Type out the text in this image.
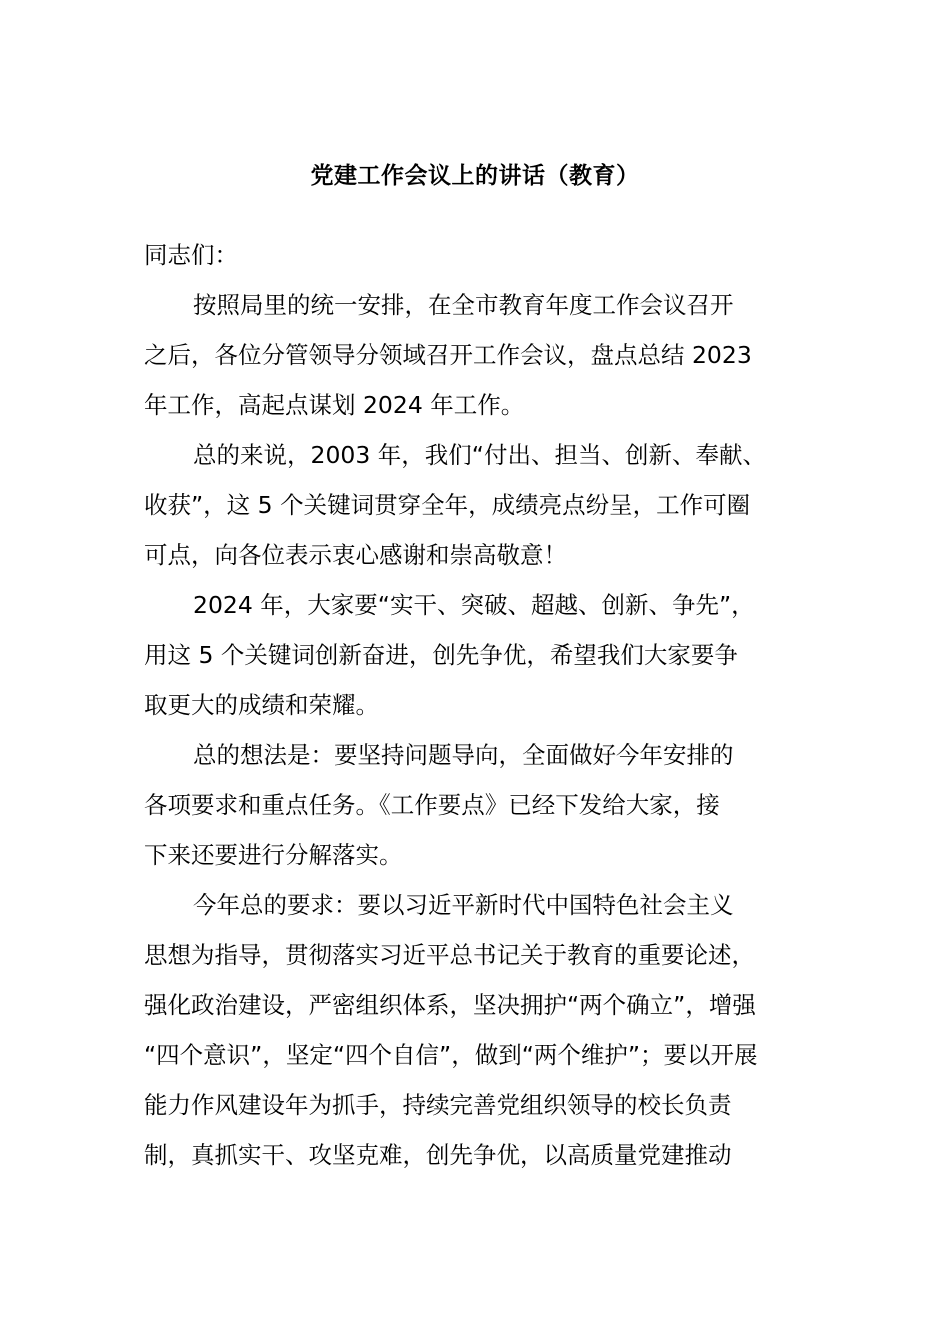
党建工作会议上的讲话（教育）

同志们：

按照局里的统一安排，在全市教育年度工作会议召开
之后，各位分管领导分领域召开工作会议，盘点总结 2023
年工作，高起点谋划 2024 年工作。

总的来说，2003 年，我们“付出、担当、创新、奉献、
收获”，这 5 个关键词贯穿全年，成绩亮点纷呈，工作可圈
可点，向各位表示衷心感谢和崇高敬意！

2024 年，大家要“实干、突破、超越、创新、争先”，
用这 5 个关键词创新奋进，创先争优，希望我们大家要争
取更大的成绩和荣耀。

总的想法是：要坚持问题导向，全面做好今年安排的
各项要求和重点任务。《工作要点》已经下发给大家，接
下来还要进行分解落实。

今年总的要求：要以习近平新时代中国特色社会主义
思想为指导，贯彻落实习近平总书记关于教育的重要论述，
强化政治建设，严密组织体系，坚决拥护“两个确立”，增强
“四个意识”，坚定“四个自信”，做到“两个维护”；要以开展
能力作风建设年为抓手，持续完善党组织领导的校长负责
制，真抓实干、攻坚克难，创先争优，以高质量党建推动
